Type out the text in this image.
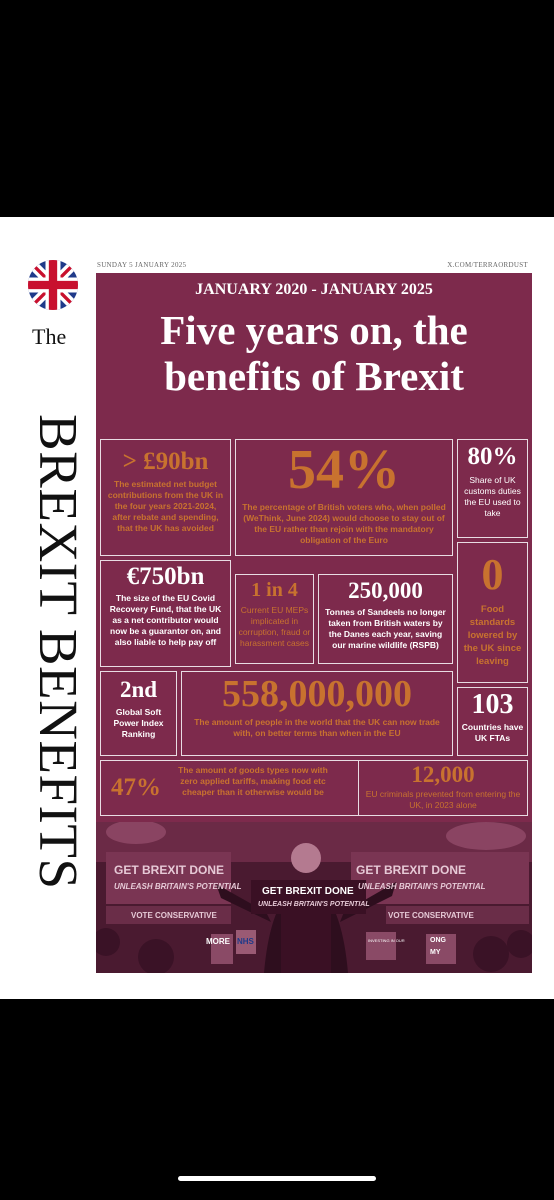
The
BREXIT BENEFITS
SUNDAY 5 JANUARY 2025	X.COM/TERRAORDUST
JANUARY 2020 - JANUARY 2025
Five years on, the
benefits of Brexit
> £90bn
The estimated net budget contributions from the UK in the four years 2021-2024, after rebate and spending, that the UK has avoided
54%
The percentage of British voters who, when polled (WeThink, June 2024) would choose to stay out of the EU rather than rejoin with the mandatory obligation of the Euro
80%
Share of UK customs duties the EU used to take
€750bn
The size of the EU Covid Recovery Fund, that the UK as a net contributor would now be a guarantor on, and also liable to help pay off
1 in 4
Current EU MEPs implicated in corruption, fraud or harassment cases
250,000
Tonnes of Sandeels no longer taken from British waters by the Danes each year, saving our marine wildlife (RSPB)
0
Food standards lowered by the UK since leaving
2nd
Global Soft Power Index Ranking
558,000,000
The amount of people in the world that the UK can now trade with, on better terms than when in the EU
103
Countries have UK FTAs
47%
The amount of goods types now with zero applied tariffs, making food etc cheaper than it otherwise would be
12,000
EU criminals prevented from entering the UK, in 2023 alone
GET BREXIT DONE
UNLEASH BRITAIN'S POTENTIAL
GET BREXIT DONE
UNLEASH BRITAIN'S POTENTIAL
GET BREXIT DONE
UNLEASH BRITAIN'S POTENTIAL
VOTE CONSERVATIVE	VOTE CONSERVATIVE
MORE NHS	INVESTING IN OUR	ONG
MY
